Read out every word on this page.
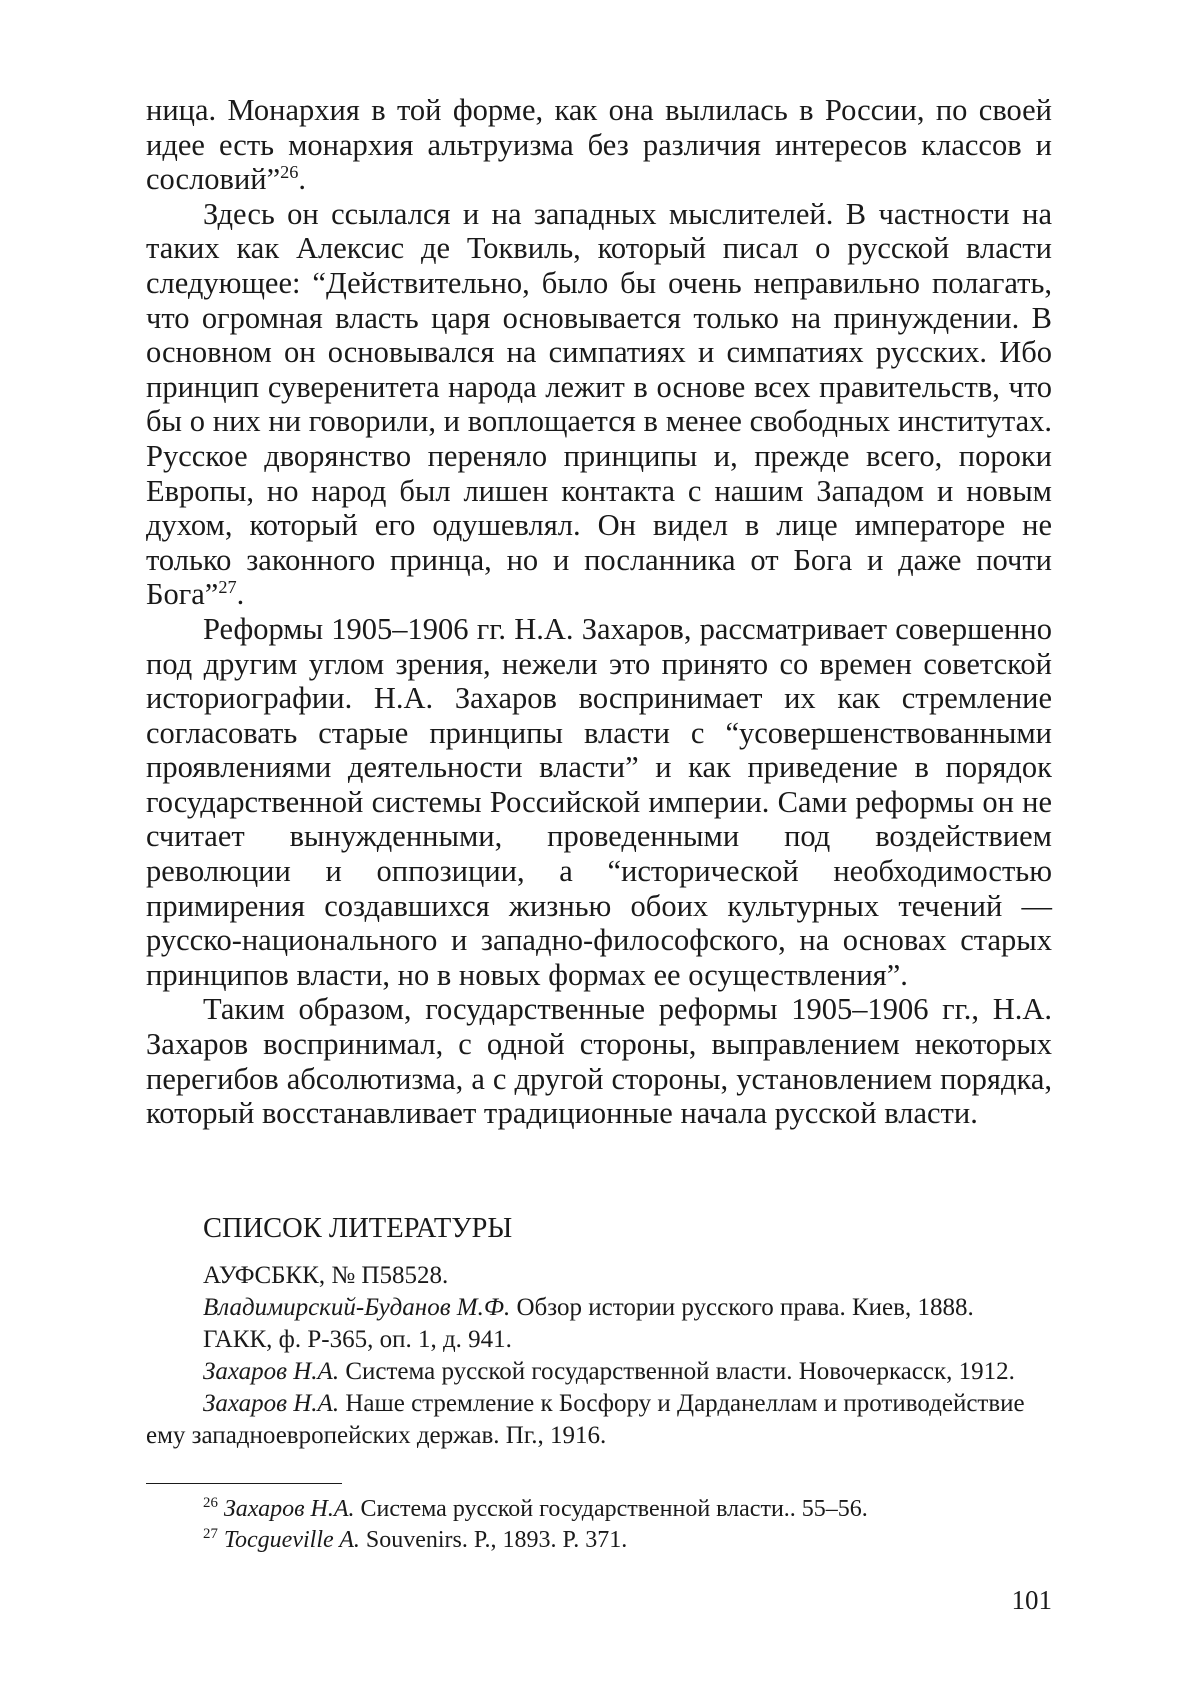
ница. Монархия в той форме, как она вылилась в России, по своей идее есть монархия альтруизма без различия интересов классов и сословий”$^{26}$.

Здесь он ссылался и на западных мыслителей. В частности на таких как Алексис де Токвиль, который писал о русской власти следующее: “Действительно, было бы очень неправильно полагать, что огромная власть царя основывается только на принуждении. В основном он основывался на симпатиях и симпатиях русских. Ибо принцип суверенитета народа лежит в основе всех правительств, что бы о них ни говорили, и воплощается в менее свободных институтах. Русское дворянство переняло принципы и, прежде всего, пороки Европы, но народ был лишен контакта с нашим Западом и новым духом, который его одушевлял. Он видел в лице императоре не только законного принца, но и посланника от Бога и даже почти Бога”$^{27}$.

Реформы 1905–1906 гг. Н.А. Захаров, рассматривает совершенно под другим углом зрения, нежели это принято со времен советской историографии. Н.А. Захаров воспринимает их как стремление согласовать старые принципы власти с “усовершенствованными проявлениями деятельности власти” и как приведение в порядок государственной системы Российской империи. Сами реформы он не считает вынужденными, проведенными под воздействием революции и оппозиции, а “исторической необходимостью примирения создавшихся жизнью обоих культурных течений — русско-национального и западно-философского, на основах старых принципов власти, но в новых формах ее осуществления”.

Таким образом, государственные реформы 1905–1906 гг., Н.А. Захаров воспринимал, с одной стороны, выправлением некоторых перегибов абсолютизма, а с другой стороны, установлением порядка, который восстанавливает традиционные начала русской власти.

СПИСОК ЛИТЕРАТУРЫ

АУФСБКК, № П58528.

Владимирский-Буданов М.Ф. Обзор истории русского права. Киев, 1888.

ГАКК, ф. Р-365, оп. 1, д. 941.

Захаров Н.А. Система русской государственной власти. Новочеркасск, 1912.

Захаров Н.А. Наше стремление к Босфору и Дарданеллам и противодействие ему западноевропейских держав. Пг., 1916.

$^{26}$ Захаров Н.А. Система русской государственной власти.. 55–56.

$^{27}$ Tocgueville A. Souvenirs. P., 1893. P. 371.

101
